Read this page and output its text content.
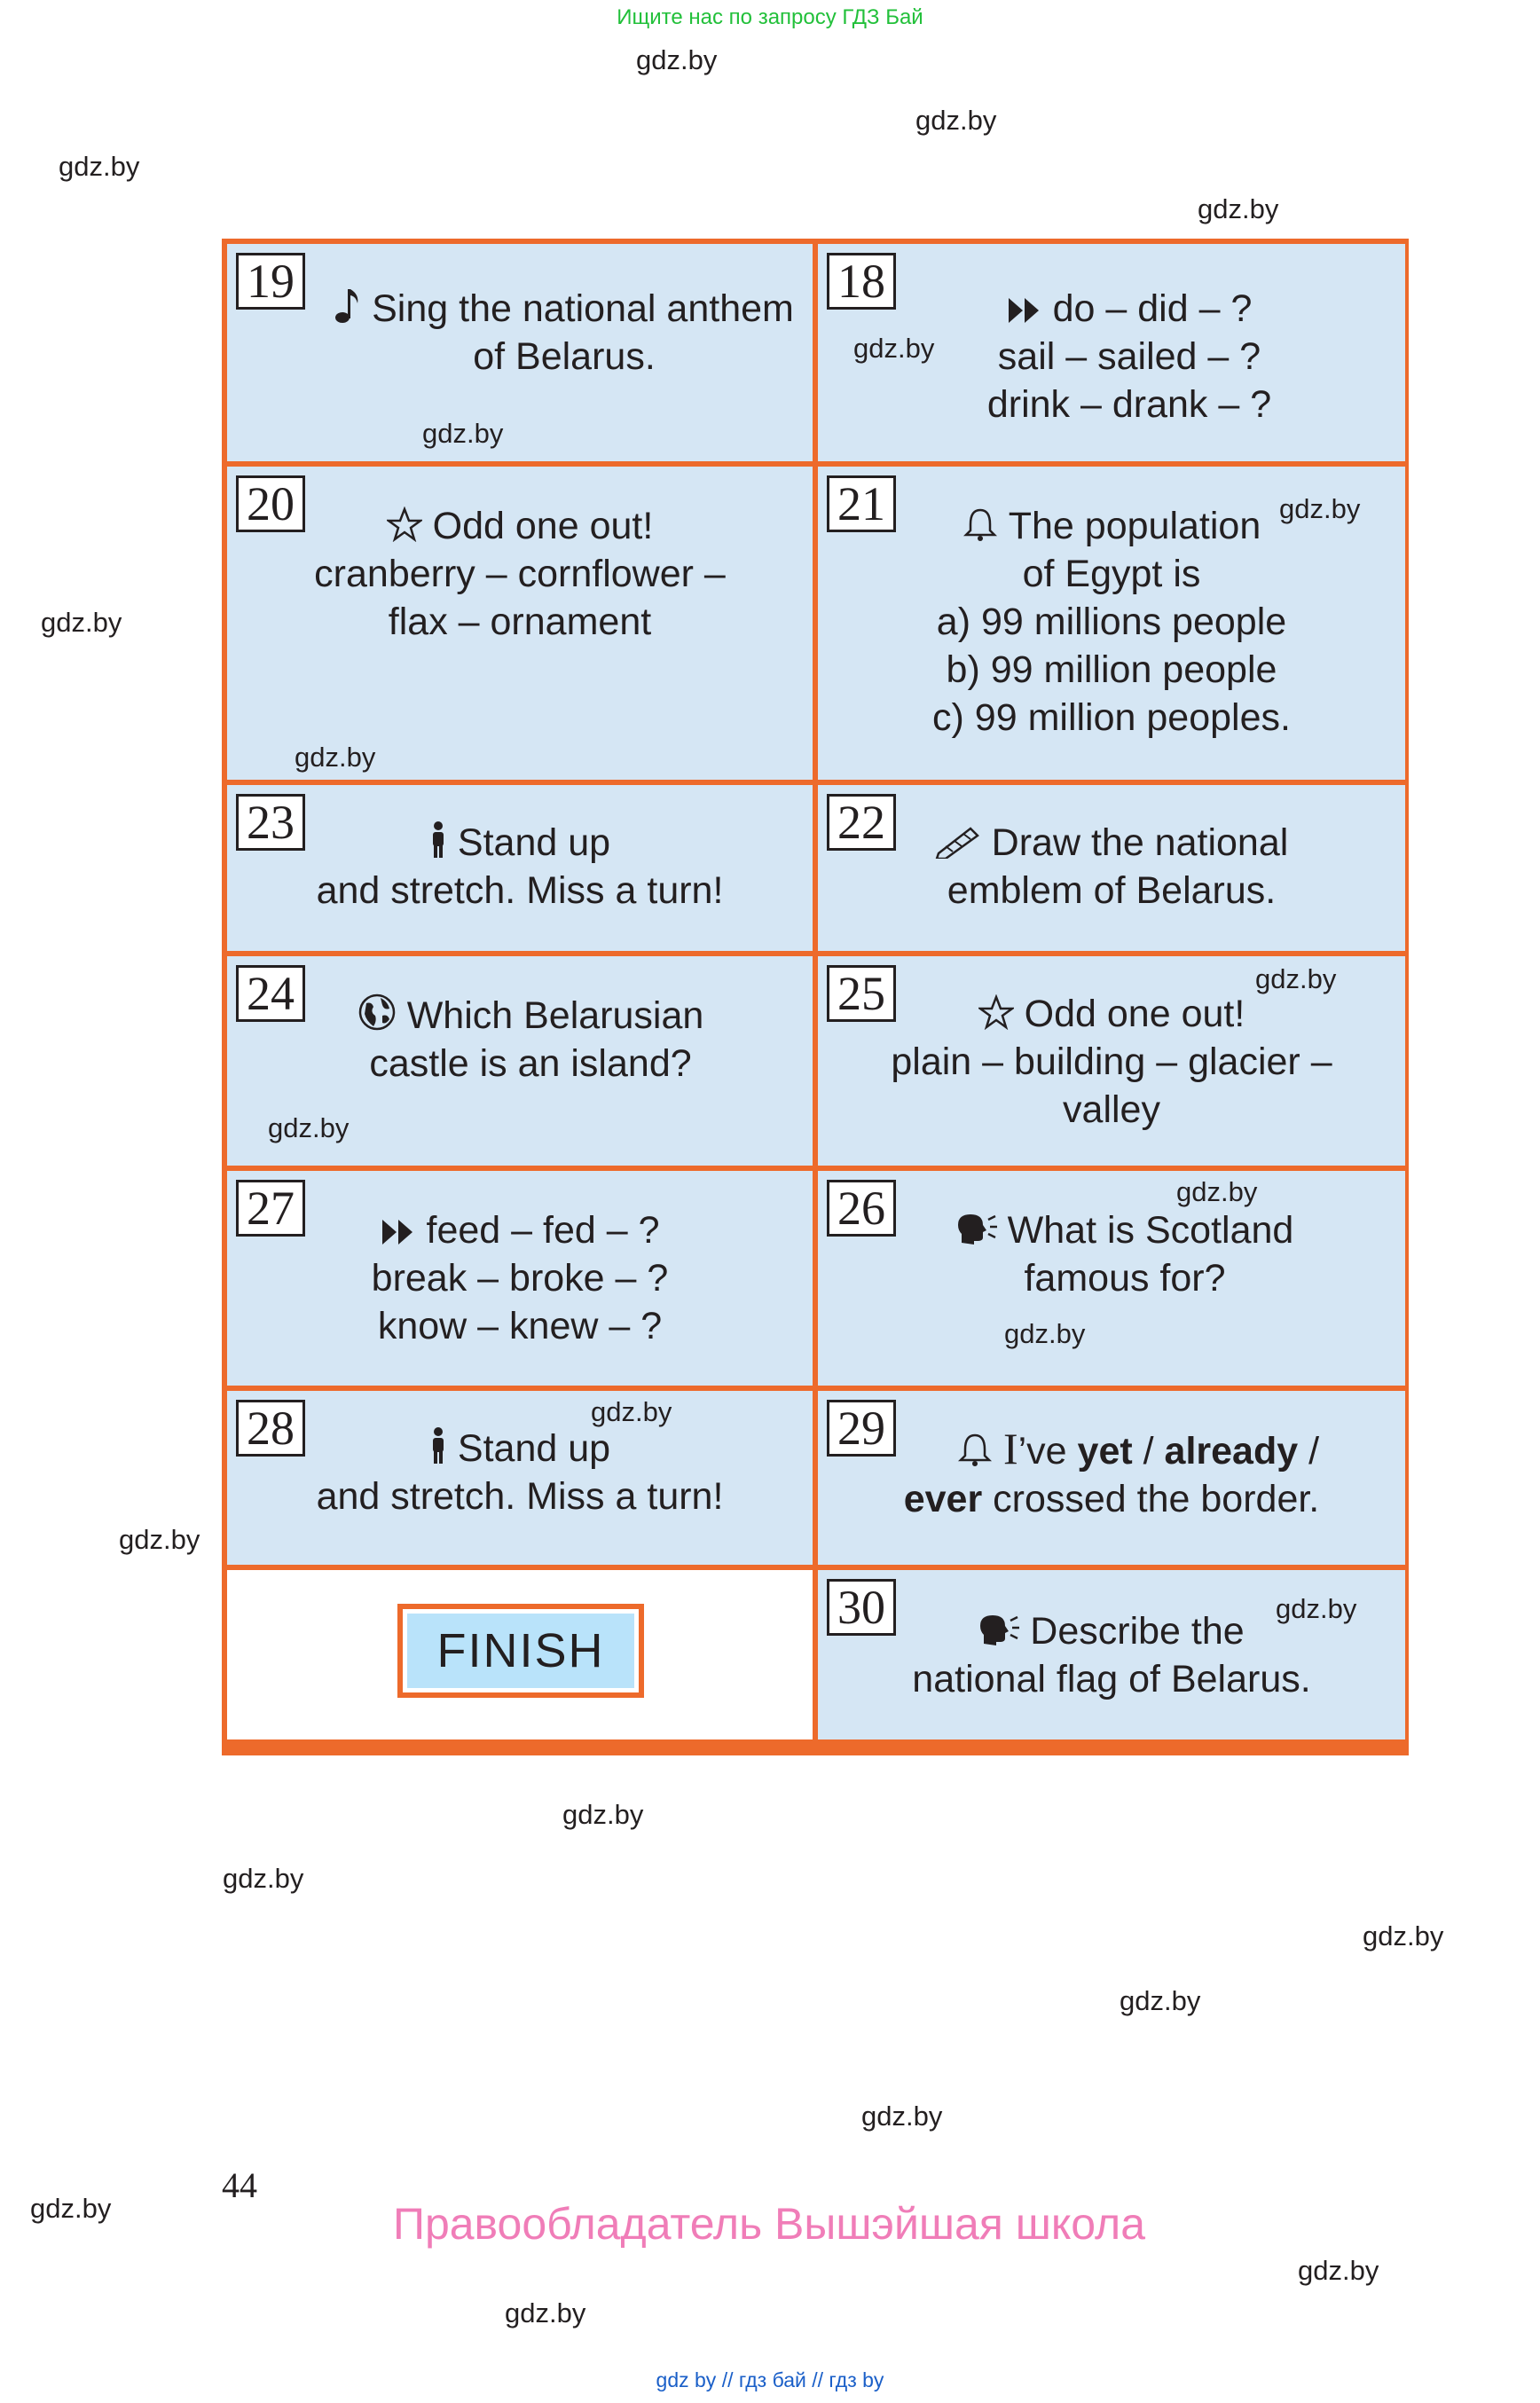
Ищите нас по запросу ГДЗ Бай
gdz.by
gdz.by
gdz.by
gdz.by
gdz.by
gdz.by
gdz.by
gdz.by
gdz.by
gdz.by
gdz.by
gdz.by
gdz.by
gdz.by
19
Sing the national anthem
of Belarus.
gdz.by
18
do – did – ?
sail – sailed – ?
drink – drank – ?
gdz.by
20	Odd one out!
cranberry – cornflower –
flax – ornament
gdz.by
21	The population
of Egypt is
a) 99 millions people
b) 99 million people
c) 99 million peoples.
gdz.by
23	Stand up
and stretch. Miss a turn!
22	Draw the national
emblem of Belarus.
24	Which Belarusian
castle is an island?
gdz.by
25	Odd one out!
plain – building – glacier –
valley
gdz.by
27	feed – fed – ?
break – broke – ?
know – knew – ?
26	What is Scotland
famous for?
gdz.by
gdz.by
28	Stand up
and stretch. Miss a turn!
gdz.by	29	I’ve yet / already /
ever crossed the border.
FINISH
30	Describe the
national flag of Belarus.
gdz.by
44
Правообладатель Вышэйшая школа
gdz by // гдз бай // гдз by
